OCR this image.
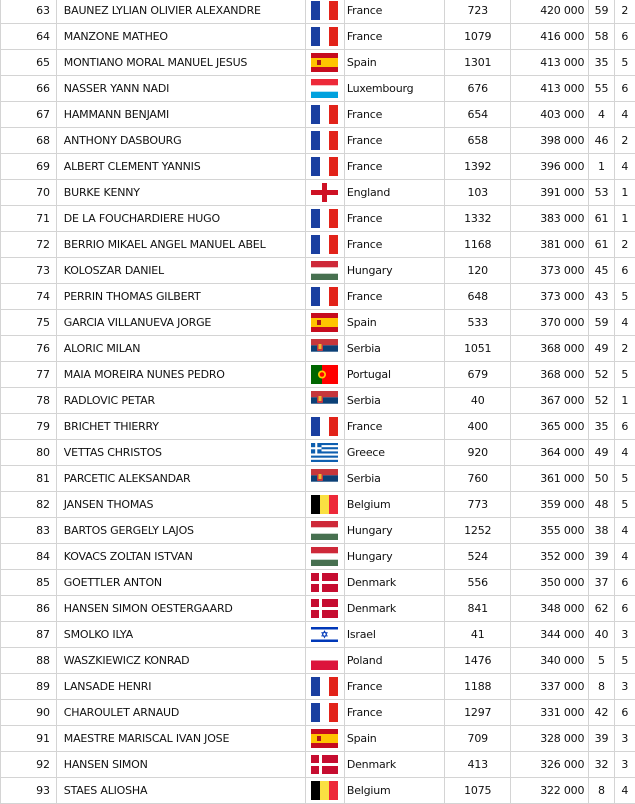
63	BAUNEZ LYLIAN OLIVIER ALEXANDRE		France	723	420 000	59	2
64	MANZONE MATHEO		France	1079	416 000	58	6
65	MONTIANO MORAL MANUEL JESUS		Spain	1301	413 000	35	5
66	NASSER YANN NADI		Luxembourg	676	413 000	55	6
67	HAMMANN BENJAMI		France	654	403 000	4	4
68	ANTHONY DASBOURG		France	658	398 000	46	2
69	ALBERT CLEMENT YANNIS		France	1392	396 000	1	4
70	BURKE KENNY		England	103	391 000	53	1
71	DE LA FOUCHARDIERE HUGO		France	1332	383 000	61	1
72	BERRIO MIKAEL ANGEL MANUEL ABEL		France	1168	381 000	61	2
73	KOLOSZAR DANIEL		Hungary	120	373 000	45	6
74	PERRIN THOMAS GILBERT		France	648	373 000	43	5
75	GARCIA VILLANUEVA JORGE		Spain	533	370 000	59	4
76	ALORIC MILAN		Serbia	1051	368 000	49	2
77	MAIA MOREIRA NUNES PEDRO		Portugal	679	368 000	52	5
78	RADLOVIC PETAR		Serbia	40	367 000	52	1
79	BRICHET THIERRY		France	400	365 000	35	6
80	VETTAS CHRISTOS		Greece	920	364 000	49	4
81	PARCETIC ALEKSANDAR		Serbia	760	361 000	50	5
82	JANSEN THOMAS		Belgium	773	359 000	48	5
83	BARTOS GERGELY LAJOS		Hungary	1252	355 000	38	4
84	KOVACS ZOLTAN ISTVAN		Hungary	524	352 000	39	4
85	GOETTLER ANTON		Denmark	556	350 000	37	6
86	HANSEN SIMON OESTERGAARD		Denmark	841	348 000	62	6
87	SMOLKO ILYA		Israel	41	344 000	40	3
88	WASZKIEWICZ KONRAD		Poland	1476	340 000	5	5
89	LANSADE HENRI		France	1188	337 000	8	3
90	CHAROULET ARNAUD		France	1297	331 000	42	6
91	MAESTRE MARISCAL IVAN JOSE		Spain	709	328 000	39	3
92	HANSEN SIMON		Denmark	413	326 000	32	3
93	STAES ALIOSHA		Belgium	1075	322 000	8	4
